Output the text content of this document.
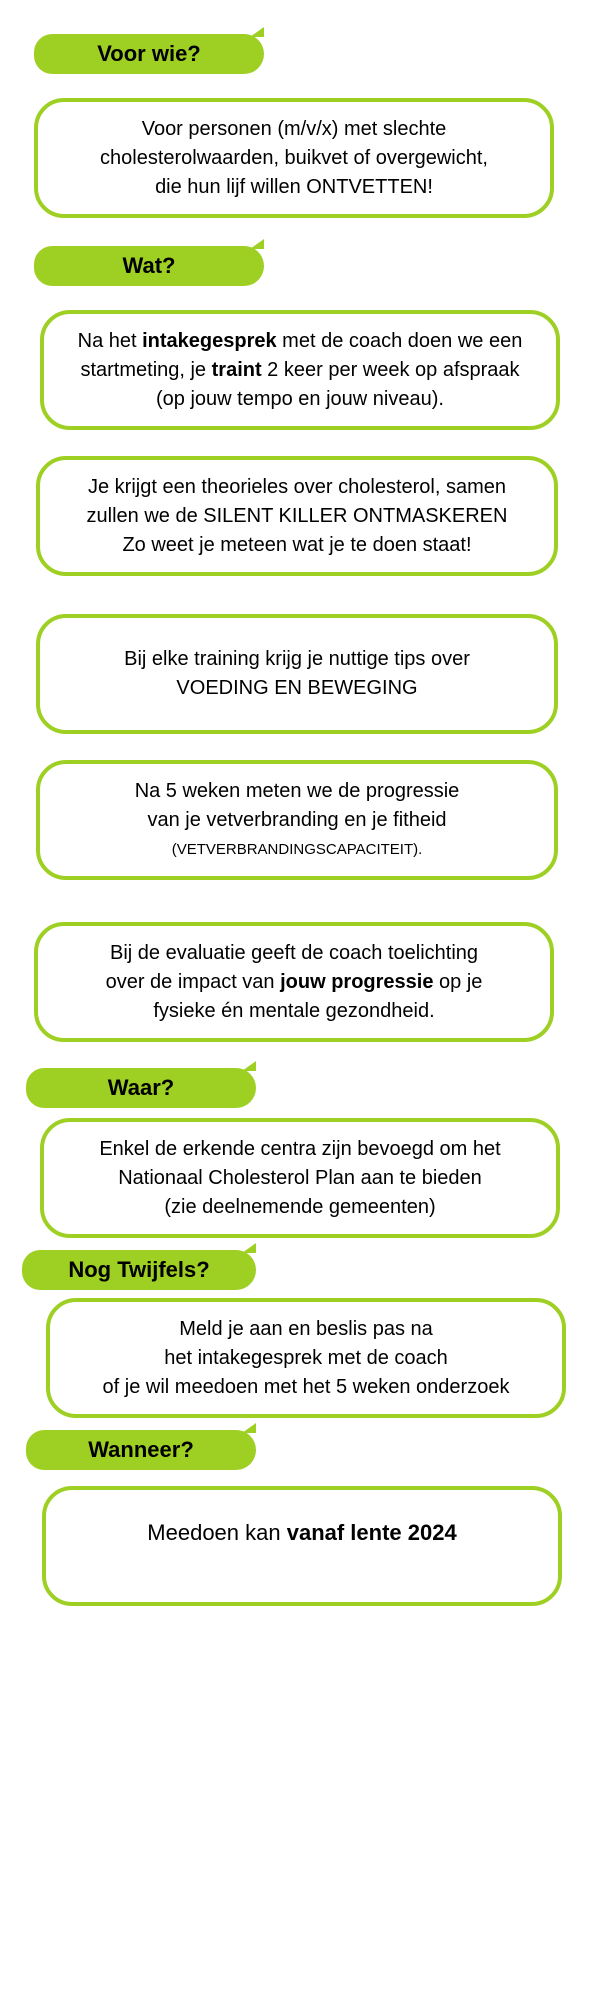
Voor wie?
Voor personen (m/v/x) met slechte
cholesterolwaarden, buikvet of overgewicht,
die hun lijf willen ONTVETTEN!
Wat?
Na het intakegesprek met de coach doen we een
startmeting, je traint 2 keer per week op afspraak
(op jouw tempo en jouw niveau).
Je krijgt een theorieles over cholesterol, samen
zullen we de SILENT KILLER ONTMASKEREN
Zo weet je meteen wat je te doen staat!
Bij elke training krijg je nuttige tips over
VOEDING EN BEWEGING
Na 5 weken meten we de progressie
van je vetverbranding en je fitheid
(VETVERBRANDINGSCAPACITEIT).
Bij de evaluatie geeft de coach toelichting
over de impact van jouw progressie op je
fysieke én mentale gezondheid.
Waar?
Enkel de erkende centra zijn bevoegd om het
Nationaal Cholesterol Plan aan te bieden
(zie deelnemende gemeenten)
Nog Twijfels?
Meld je aan en beslis pas na
het intakegesprek met de coach
of je wil meedoen met het 5 weken onderzoek
Wanneer?
Meedoen kan vanaf lente 2024
